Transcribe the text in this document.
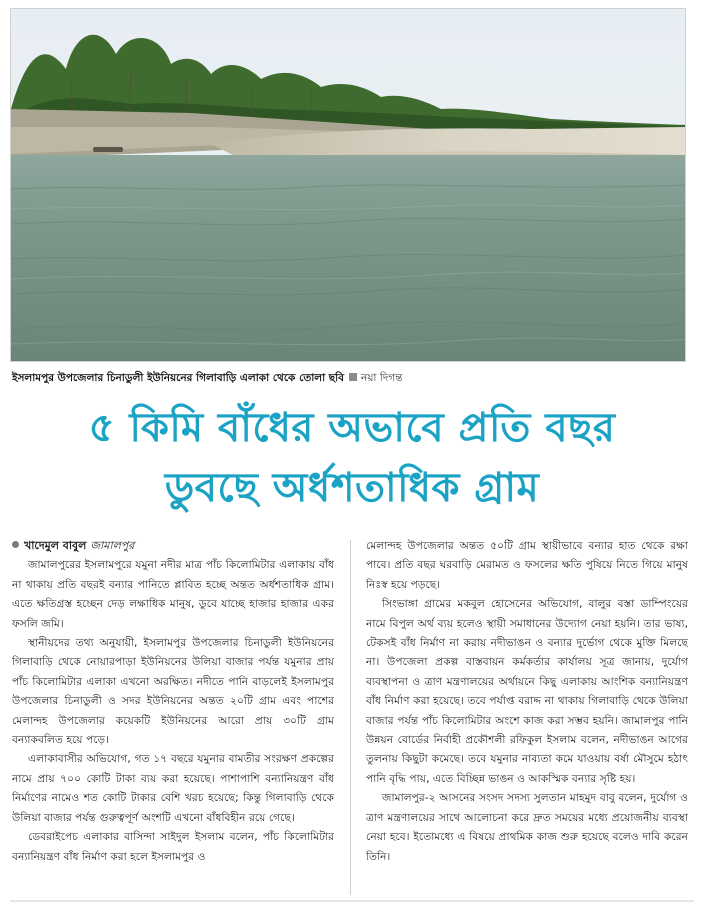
ইসলামপুর উপজেলার চিনাডুলী ইউনিয়নের গিলাবাড়ি এলাকা থেকে তোলা ছবি নয়া দিগন্ত
৫ কিমি বাঁধের অভাবে প্রতি বছর
ডুবছে অর্ধশতাধিক গ্রাম
খাদেমুল বাবুল জামালপুর

জামালপুরের ইসলামপুরে যমুনা নদীর মাত্র পাঁচ কিলোমিটার এলাকায় বাঁধ না থাকায় প্রতি বছরই বন্যার পানিতে প্লাবিত হচ্ছে অন্তত অর্ধশতাধিক গ্রাম। এতে ক্ষতিগ্রস্ত হচ্ছেন দেড় লক্ষাধিক মানুষ, ডুবে যাচ্ছে হাজার হাজার একর ফসলি জমি।

স্থানীয়দের তথ্য অনুযায়ী, ইসলামপুর উপজেলার চিনাডুলী ইউনিয়নের গিলাবাড়ি থেকে নোয়ারপাড়া ইউনিয়নের উলিয়া বাজার পর্যন্ত যমুনার প্রায় পাঁচ কিলোমিটার এলাকা এখনো অরক্ষিত। নদীতে পানি বাড়লেই ইসলামপুর উপজেলার চিনাডুলী ও সদর ইউনিয়নের অন্তত ২০টি গ্রাম এবং পাশের মেলান্দহ উপজেলার কয়েকটি ইউনিয়নের আরো প্রায় ৩০টি গ্রাম বন্যাকবলিত হয়ে পড়ে।

এলাকাবাসীর অভিযোগ, গত ১৭ বছরে যমুনার বামতীর সংরক্ষণ প্রকল্পের নামে প্রায় ৭০০ কোটি টাকা ব্যয় করা হয়েছে। পাশাপাশি বন্যানিয়ন্ত্রণ বাঁধ নির্মাণের নামেও শত কোটি টাকার বেশি খরচ হয়েছে; কিন্তু গিলাবাড়ি থেকে উলিয়া বাজার পর্যন্ত গুরুত্বপূর্ণ অংশটি এখনো বাঁধবিহীন রয়ে গেছে।

ডেবরাইপেচ এলাকার বাসিন্দা সাইদুল ইসলাম বলেন, পাঁচ কিলোমিটার বন্যানিয়ন্ত্রণ বাঁধ নির্মাণ করা হলে ইসলামপুর ও

মেলান্দহ উপজেলার অন্তত ৫০টি গ্রাম স্থায়ীভাবে বন্যার হাত থেকে রক্ষা পাবে। প্রতি বছর ঘরবাড়ি মেরামত ও ফসলের ক্ষতি পুষিয়ে নিতে গিয়ে মানুষ নিঃস্ব হয়ে পড়ছে।

সিংভাঙ্গা গ্রামের মকবুল হোসেনের অভিযোগ, বালুর বস্তা ডাম্পিংয়ের নামে বিপুল অর্থ ব্যয় হলেও স্থায়ী সমাধানের উদ্যোগ নেয়া হয়নি। তার ভাষ্য, টেকসই বাঁধ নির্মাণ না করায় নদীভাঙন ও বন্যার দুর্ভোগ থেকে মুক্তি মিলছে না। উপজেলা প্রকল্প বাস্তবায়ন কর্মকর্তার কার্যালয় সূত্র জানায়, দুর্যোগ ব্যবস্থাপনা ও ত্রাণ মন্ত্রণালয়ের অর্থায়নে কিছু এলাকায় আংশিক বন্যানিয়ন্ত্রণ বাঁধ নির্মাণ করা হয়েছে। তবে পর্যাপ্ত বরাদ্দ না থাকায় গিলাবাড়ি থেকে উলিয়া বাজার পর্যন্ত পাঁচ কিলোমিটার অংশে কাজ করা সম্ভব হয়নি। জামালপুর পানি উন্নয়ন বোর্ডের নির্বাহী প্রকৌশলী রফিকুল ইসলাম বলেন, নদীভাঙন আগের তুলনায় কিছুটা কমেছে। তবে যমুনার নাব্যতা কমে যাওয়ায় বর্ষা মৌসুমে হঠাৎ পানি বৃদ্ধি পায়, এতে বিচ্ছিন্ন ভাঙন ও আকস্মিক বন্যার সৃষ্টি হয়।

জামালপুর-২ আসনের সংসদ সদস্য সুলতান মাহমুদ বাবু বলেন, দুর্যোগ ও ত্রাণ মন্ত্রণালয়ের সাথে আলোচনা করে দ্রুত সময়ের মধ্যে প্রয়োজনীয় ব্যবস্থা নেয়া হবে। ইতোমধ্যে এ বিষয়ে প্রাথমিক কাজ শুরু হয়েছে বলেও দাবি করেন তিনি।
